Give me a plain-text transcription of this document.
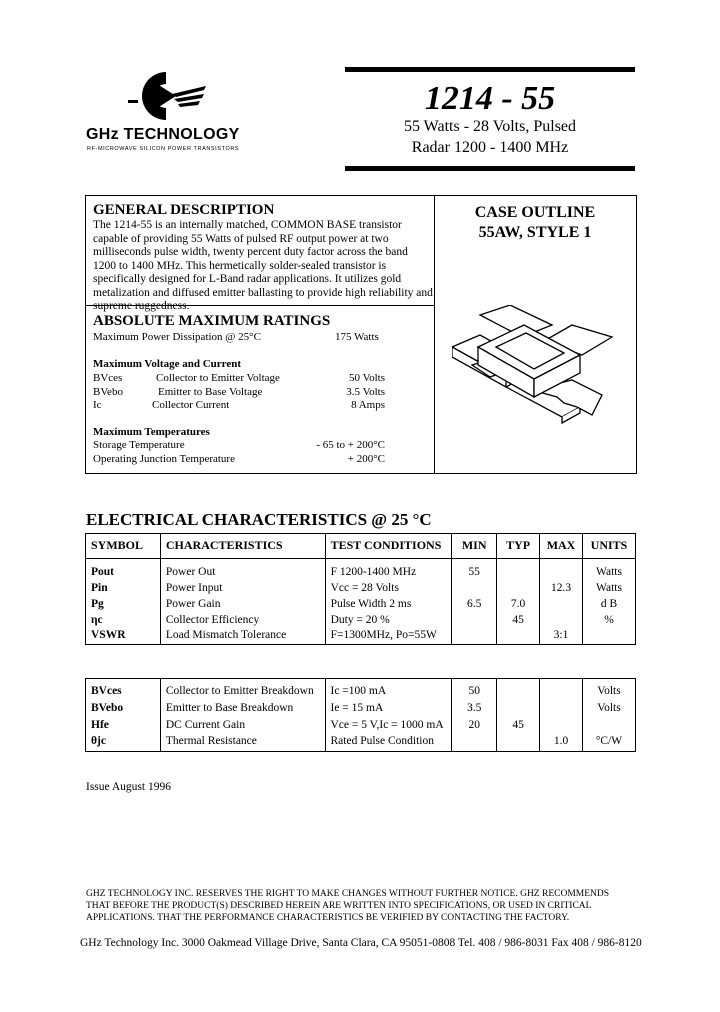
GHz TECHNOLOGY
RF-MICROWAVE SILICON POWER TRANSISTORS
1214 - 55
55 Watts - 28 Volts, Pulsed
Radar 1200 - 1400 MHz
GENERAL DESCRIPTION
The 1214-55 is an internally matched, COMMON BASE transistor capable of providing 55 Watts of pulsed RF output power at two milliseconds pulse width, twenty percent duty factor across the band 1200 to 1400 MHz. This hermetically solder-sealed transistor is specifically designed for L-Band radar applications. It utilizes gold metalization and diffused emitter ballasting to provide high reliability and supreme ruggedness.
CASE OUTLINE
55AW, STYLE 1
ABSOLUTE MAXIMUM RATINGS
Maximum Power Dissipation @ 25°C	175 Watts
Maximum Voltage and Current
BVces	Collector to Emitter Voltage	50 Volts
BVebo	Emitter to Base Voltage	3.5 Volts
Ic	Collector Current	8 Amps
Maximum Temperatures
Storage Temperature	- 65 to + 200°C
Operating Junction Temperature	+ 200°C
ELECTRICAL CHARACTERISTICS @ 25 °C
SYMBOL	CHARACTERISTICS	TEST CONDITIONS	MIN	TYP	MAX	UNITS
Pout	Power Out	F 1200-1400 MHz	55			Watts
Pin	Power Input	Vcc = 28 Volts			12.3	Watts
Pg	Power Gain	Pulse Width 2 ms	6.5	7.0		d B
ηc	Collector Efficiency	Duty = 20 %		45		%
VSWR	Load Mismatch Tolerance	F=1300MHz, Po=55W			3:1	

BVces	Collector to Emitter Breakdown	Ic =100 mA	50			Volts
BVebo	Emitter to Base Breakdown	Ie = 15 mA	3.5			Volts
Hfe	DC Current Gain	Vce = 5 V,Ic = 1000 mA	20	45		
θjc	Thermal Resistance	Rated Pulse Condition			1.0	°C/W

Issue August 1996
GHZ TECHNOLOGY INC. RESERVES THE RIGHT TO MAKE CHANGES WITHOUT FURTHER NOTICE. GHZ RECOMMENDS THAT BEFORE THE PRODUCT(S) DESCRIBED HEREIN ARE WRITTEN INTO SPECIFICATIONS, OR USED IN CRITICAL APPLICATIONS. THAT THE PERFORMANCE CHARACTERISTICS BE VERIFIED BY CONTACTING THE FACTORY.
GHz Technology Inc. 3000 Oakmead Village Drive, Santa Clara, CA 95051-0808 Tel. 408 / 986-8031 Fax 408 / 986-8120
